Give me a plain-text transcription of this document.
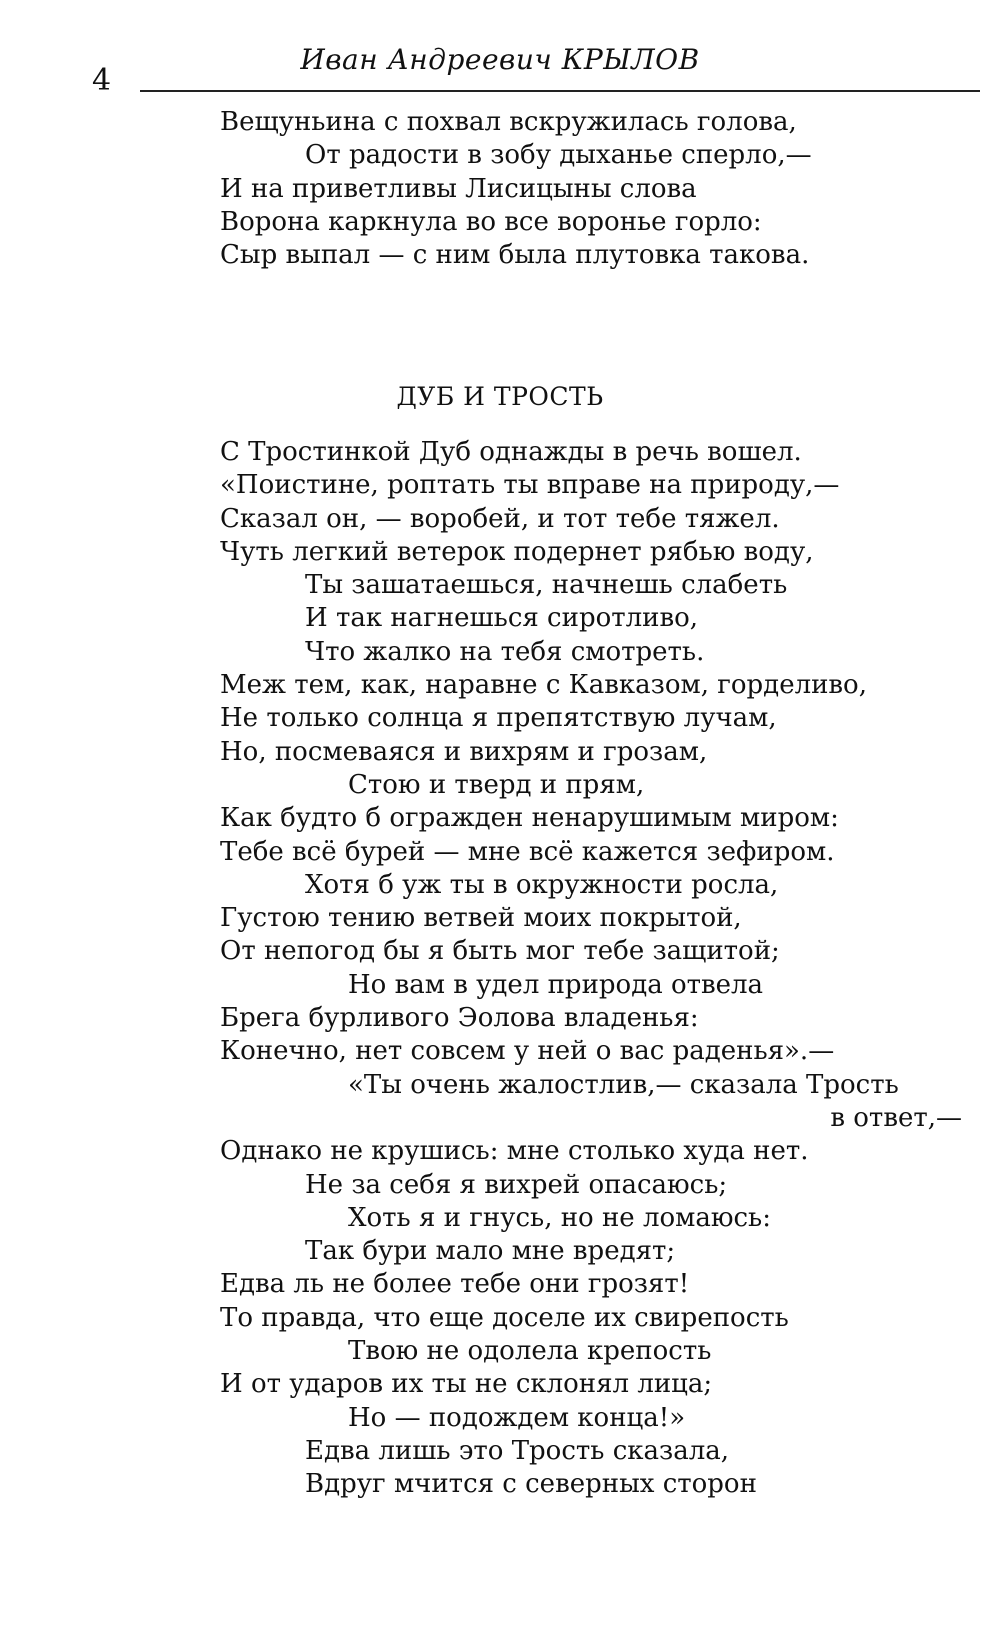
4
Иван Андреевич КРЫЛОВ
Вещуньина с похвал вскружилась голова,
От радости в зобу дыханье сперло,—
И на приветливы Лисицыны слова
Ворона каркнула во все воронье горло:
Сыр выпал — с ним была плутовка такова.
ДУБ И ТРОСТЬ
С Тростинкой Дуб однажды в речь вошел.
«Поистине, роптать ты вправе на природу,—
Сказал он, — воробей, и тот тебе тяжел.
Чуть легкий ветерок подернет рябью воду,
Ты зашатаешься, начнешь слабеть
И так нагнешься сиротливо,
Что жалко на тебя смотреть.
Меж тем, как, наравне с Кавказом, горделиво,
Не только солнца я препятствую лучам,
Но, посмеваяся и вихрям и грозам,
Стою и тверд и прям,
Как будто б огражден ненарушимым миром:
Тебе всё бурей — мне всё кажется зефиром.
Хотя б уж ты в окружности росла,
Густою тению ветвей моих покрытой,
От непогод бы я быть мог тебе защитой;
Но вам в удел природа отвела
Брега бурливого Эолова владенья:
Конечно, нет совсем у ней о вас раденья».—
«Ты очень жалостлив,— сказала Трость
в ответ,—
Однако не крушись: мне столько худа нет.
Не за себя я вихрей опасаюсь;
Хоть я и гнусь, но не ломаюсь:
Так бури мало мне вредят;
Едва ль не более тебе они грозят!
То правда, что еще доселе их свирепость
Твою не одолела крепость
И от ударов их ты не склонял лица;
Но — подождем конца!»
Едва лишь это Трость сказала,
Вдруг мчится с северных сторон
